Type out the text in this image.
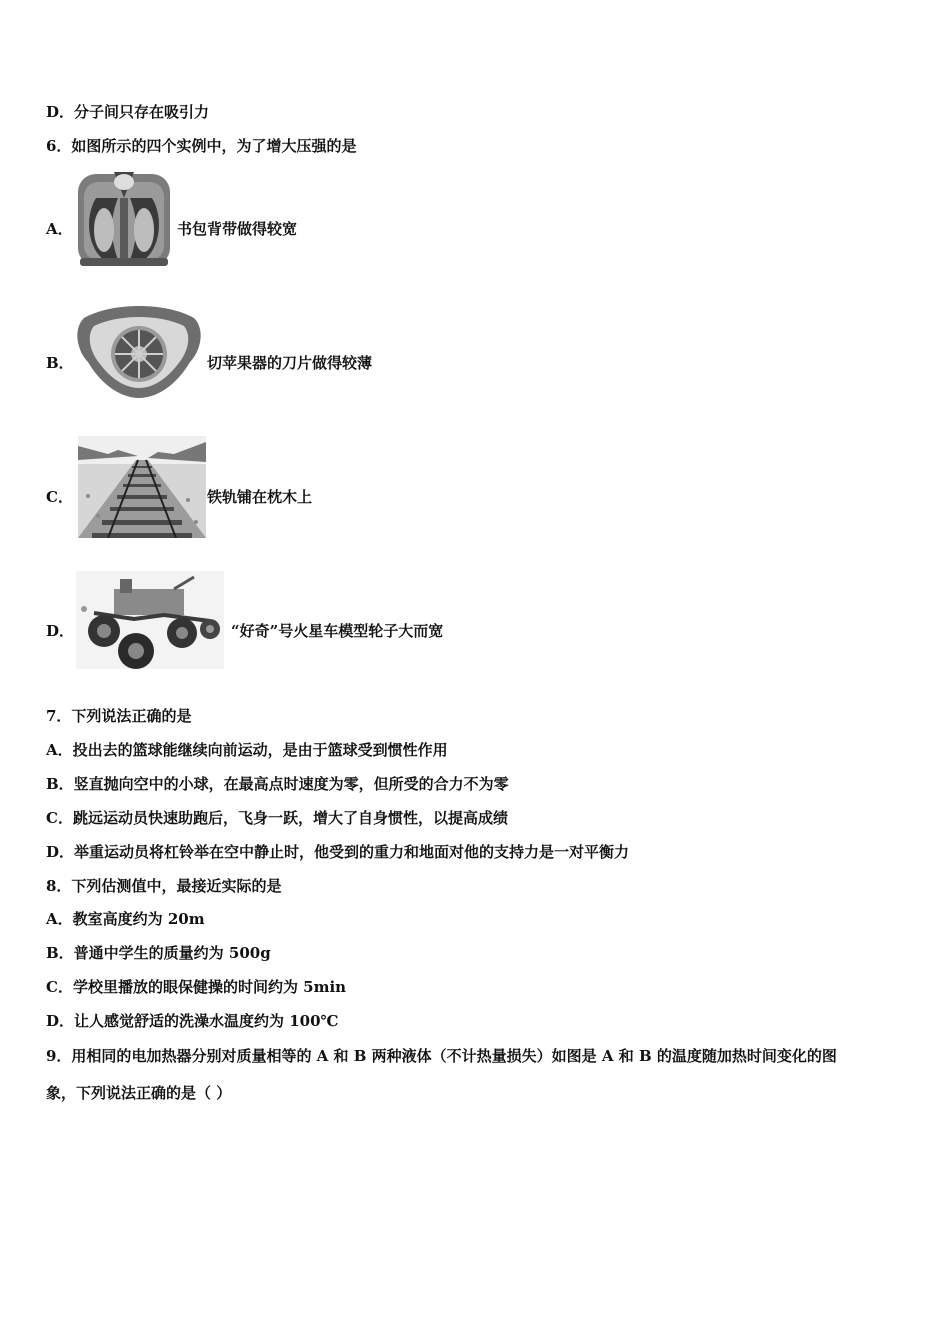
D．分子间只存在吸引力
6．如图所示的四个实例中，为了增大压强的是
A．	书包背带做得较宽
B．	切苹果器的刀片做得较薄
C．	铁轨铺在枕木上
D．	“好奇”号火星车模型轮子大而宽
7．下列说法正确的是
A．投出去的篮球能继续向前运动，是由于篮球受到惯性作用
B．竖直抛向空中的小球，在最高点时速度为零，但所受的合力不为零
C．跳远运动员快速助跑后，飞身一跃，增大了自身惯性，以提高成绩
D．举重运动员将杠铃举在空中静止时，他受到的重力和地面对他的支持力是一对平衡力
8．下列估测值中，最接近实际的是
A．教室高度约为 20m
B．普通中学生的质量约为 500g
C．学校里播放的眼保健操的时间约为 5min
D．让人感觉舒适的洗澡水温度约为 100℃
9．用相同的电加热器分别对质量相等的 A 和 B 两种液体（不计热量损失）如图是 A 和 B 的温度随加热时间变化的图
象，下列说法正确的是（ ）
